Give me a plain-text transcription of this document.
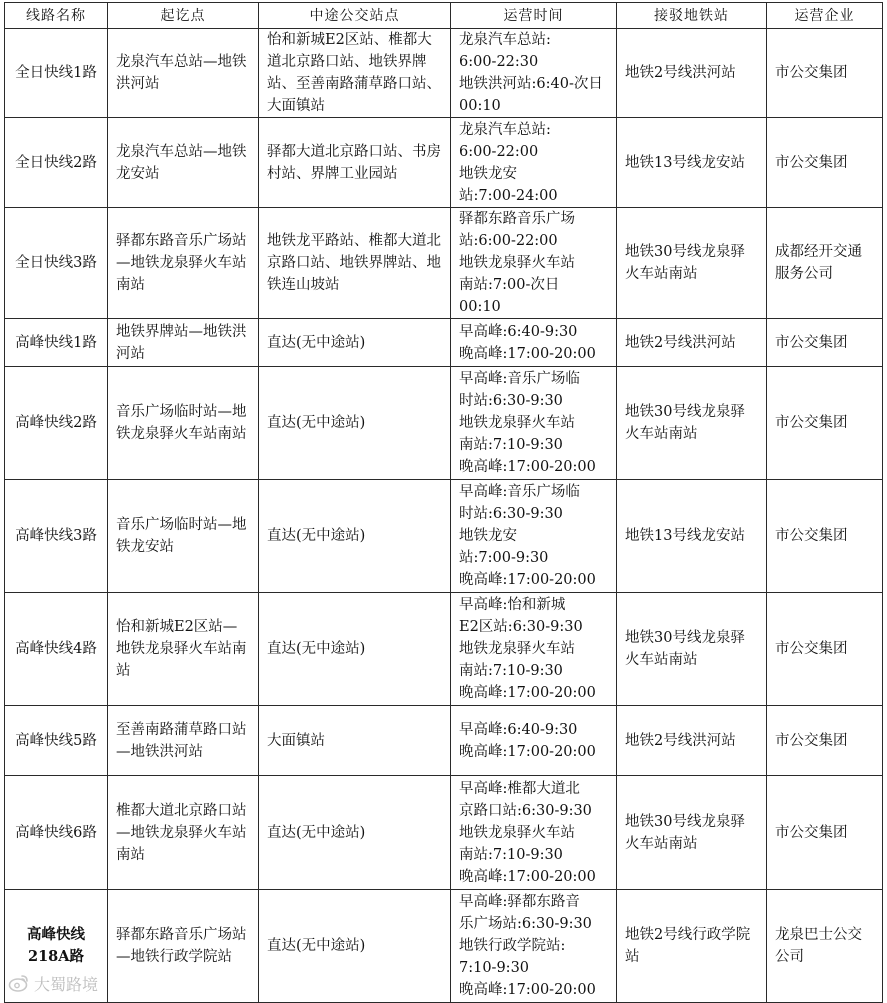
线路名称	起讫点	中途公交站点	运营时间	接驳地铁站	运营企业
全日快线1路	龙泉汽车总站—地铁洪河站	怡和新城E2区站、椎都大道北京路口站、地铁界牌站、至善南路蒲草路口站、大面镇站	龙泉汽车总站:
6:00-22:30
地铁洪河站:6:40-次日00:10	地铁2号线洪河站	市公交集团
全日快线2路	龙泉汽车总站—地铁龙安站	驿都大道北京路口站、书房村站、界牌工业园站	龙泉汽车总站:
6:00-22:00
地铁龙安
站:7:00-24:00	地铁13号线龙安站	市公交集团
全日快线3路	驿都东路音乐广场站—地铁龙泉驿火车站南站	地铁龙平路站、椎都大道北京路口站、地铁界牌站、地铁连山坡站	驿都东路音乐广场
站:6:00-22:00
地铁龙泉驿火车站
南站:7:00-次日
00:10	地铁30号线龙泉驿火车站南站	成都经开交通服务公司
高峰快线1路	地铁界牌站—地铁洪河站	直达(无中途站)	早高峰:6:40-9:30
晚高峰:17:00-20:00	地铁2号线洪河站	市公交集团
高峰快线2路	音乐广场临时站—地铁龙泉驿火车站南站	直达(无中途站)	早高峰:音乐广场临
时站:6:30-9:30
地铁龙泉驿火车站
南站:7:10-9:30
晚高峰:17:00-20:00	地铁30号线龙泉驿火车站南站	市公交集团
高峰快线3路	音乐广场临时站—地铁龙安站	直达(无中途站)	早高峰:音乐广场临
时站:6:30-9:30
地铁龙安
站:7:00-9:30
晚高峰:17:00-20:00	地铁13号线龙安站	市公交集团
高峰快线4路	怡和新城E2区站—地铁龙泉驿火车站南站	直达(无中途站)	早高峰:怡和新城
E2区站:6:30-9:30
地铁龙泉驿火车站
南站:7:10-9:30
晚高峰:17:00-20:00	地铁30号线龙泉驿火车站南站	市公交集团
高峰快线5路	至善南路蒲草路口站—地铁洪河站	大面镇站	早高峰:6:40-9:30
晚高峰:17:00-20:00	地铁2号线洪河站	市公交集团
高峰快线6路	椎都大道北京路口站—地铁龙泉驿火车站南站	直达(无中途站)	早高峰:椎都大道北
京路口站:6:30-9:30
地铁龙泉驿火车站
南站:7:10-9:30
晚高峰:17:00-20:00	地铁30号线龙泉驿火车站南站	市公交集团
高峰快线218A路	驿都东路音乐广场站—地铁行政学院站	直达(无中途站)	早高峰:驿都东路音
乐广场站:6:30-9:30
地铁行政学院站:
7:10-9:30
晚高峰:17:00-20:00	地铁2号线行政学院站	龙泉巴士公交公司
大蜀路境
